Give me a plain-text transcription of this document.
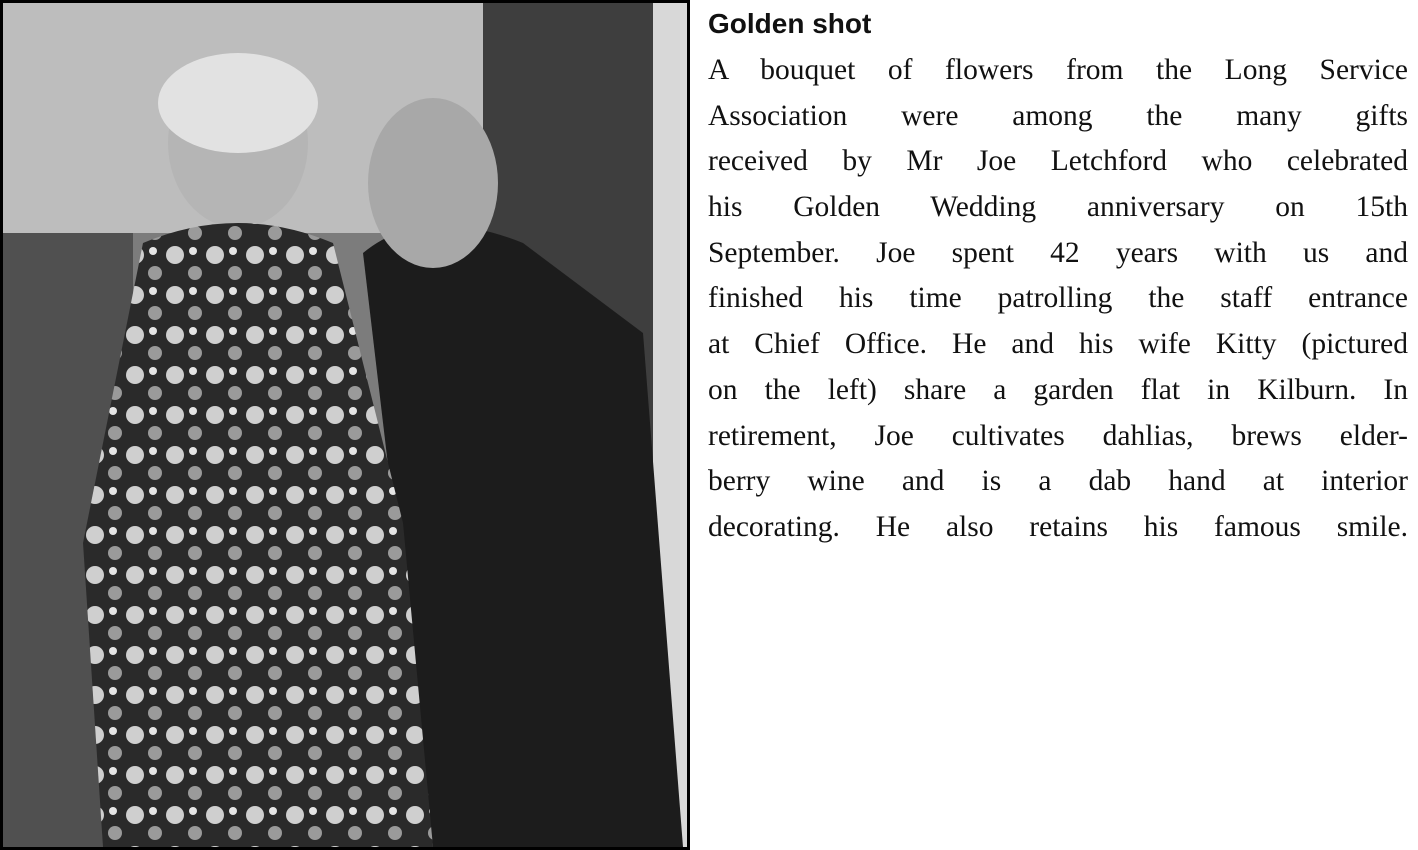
Golden shot
A bouquet of flowers from the Long Service
Association were among the many gifts
received by Mr Joe Letchford who celebrated
his Golden Wedding anniversary on 15th
September. Joe spent 42 years with us and
finished his time patrolling the staff entrance
at Chief Office. He and his wife Kitty (pictured
on the left) share a garden flat in Kilburn. In
retirement, Joe cultivates dahlias, brews elder-
berry wine and is a dab hand at interior
decorating. He also retains his famous smile.
